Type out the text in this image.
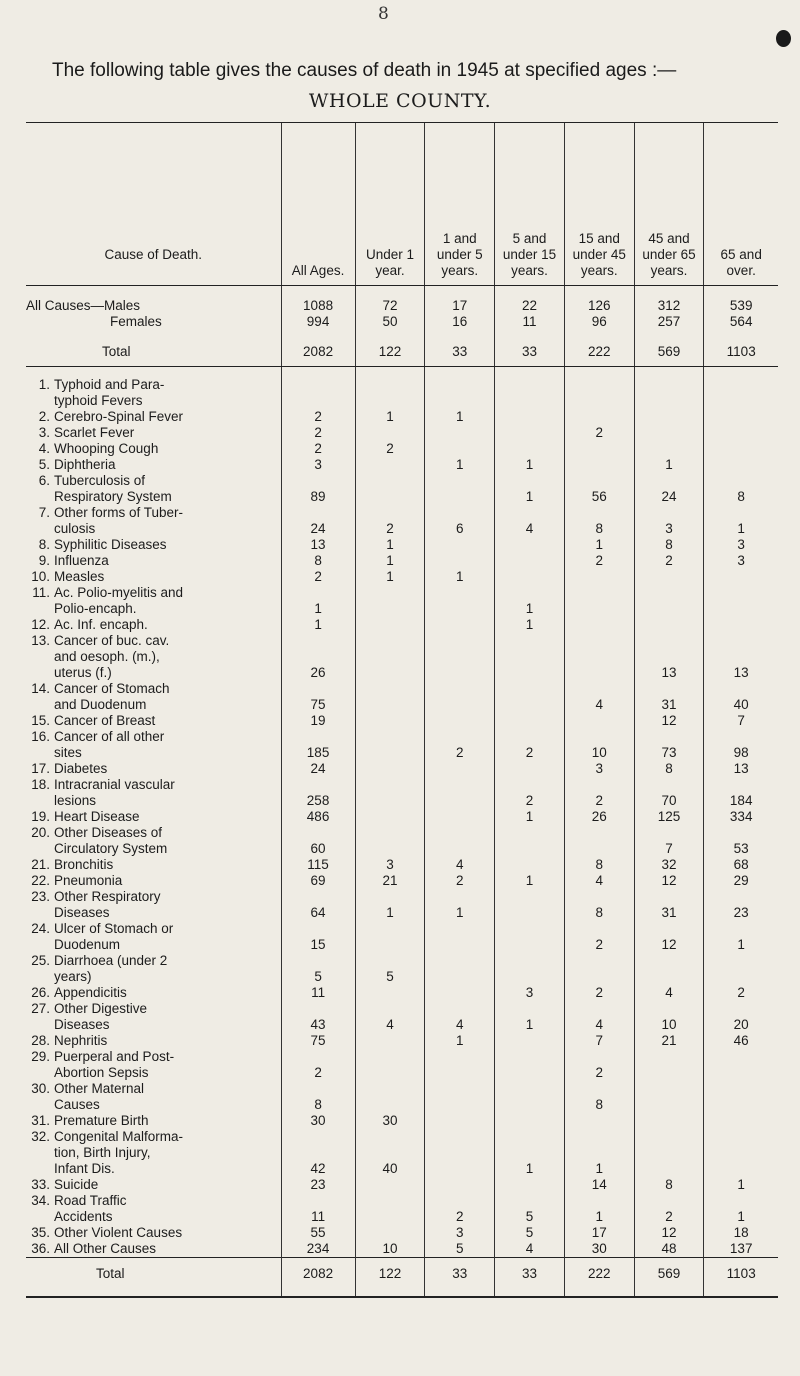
8
The following table gives the causes of death in 1945 at specified ages :—
WHOLE COUNTY.
Cause of Death.	All Ages.	Under 1 year.	1 and under 5 years.	5 and under 15 years.	15 and under 45 years.	45 and under 65 years.	65 and over.
All Causes—Males	1088	72	17	22	126	312	539
Females	994	50	16	11	96	257	564
Total	2082	122	33	33	222	569	1103
1. Typhoid and Para-
typhoid Fevers							

2. Cerebro-Spinal Fever	2	1	1				
3. Scarlet Fever	2				2		
4. Whooping Cough	2	2					
5. Diphtheria	3		1	1		1	
6. Tuberculosis of
Respiratory System	89			1	56	24	8
7. Other forms of Tuber-
culosis	24	2	6	4	8	3	1
8. Syphilitic Diseases	13	1			1	8	3
9. Influenza	8	1			2	2	3
10. Measles	2	1	1				
11. Ac. Polio-myelitis and
Polio-encaph.	1			1			
12. Ac. Inf. encaph.	1			1			
13. Cancer of buc. cav.
and oesoph. (m.),
uterus (f.)	26					13	13
14. Cancer of Stomach
and Duodenum	75				4	31	40
15. Cancer of Breast	19					12	7
16. Cancer of all other
sites	185		2	2	10	73	98
17. Diabetes	24				3	8	13
18. Intracranial vascular
lesions	258			2	2	70	184
19. Heart Disease	486			1	26	125	334
20. Other Diseases of
Circulatory System	60					7	53
21. Bronchitis	115	3	4		8	32	68
22. Pneumonia	69	21	2	1	4	12	29
23. Other Respiratory
Diseases	64	1	1		8	31	23
24. Ulcer of Stomach or
Duodenum	15				2	12	1
25. Diarrhoea (under 2
years)	5	5					
26. Appendicitis	11			3	2	4	2
27. Other Digestive
Diseases	43	4	4	1	4	10	20
28. Nephritis	75		1		7	21	46
29. Puerperal and Post-
Abortion Sepsis	2				2		
30. Other Maternal
Causes	8				8		
31. Premature Birth	30	30					
32. Congenital Malforma-
tion, Birth Injury,
Infant Dis.	42	40		1	1		
33. Suicide	23				14	8	1
34. Road Traffic
Accidents	11		2	5	1	2	1
35. Other Violent Causes	55		3	5	17	12	18
36. All Other Causes	234	10	5	4	30	48	137
Total	2082	122	33	33	222	569	1103
